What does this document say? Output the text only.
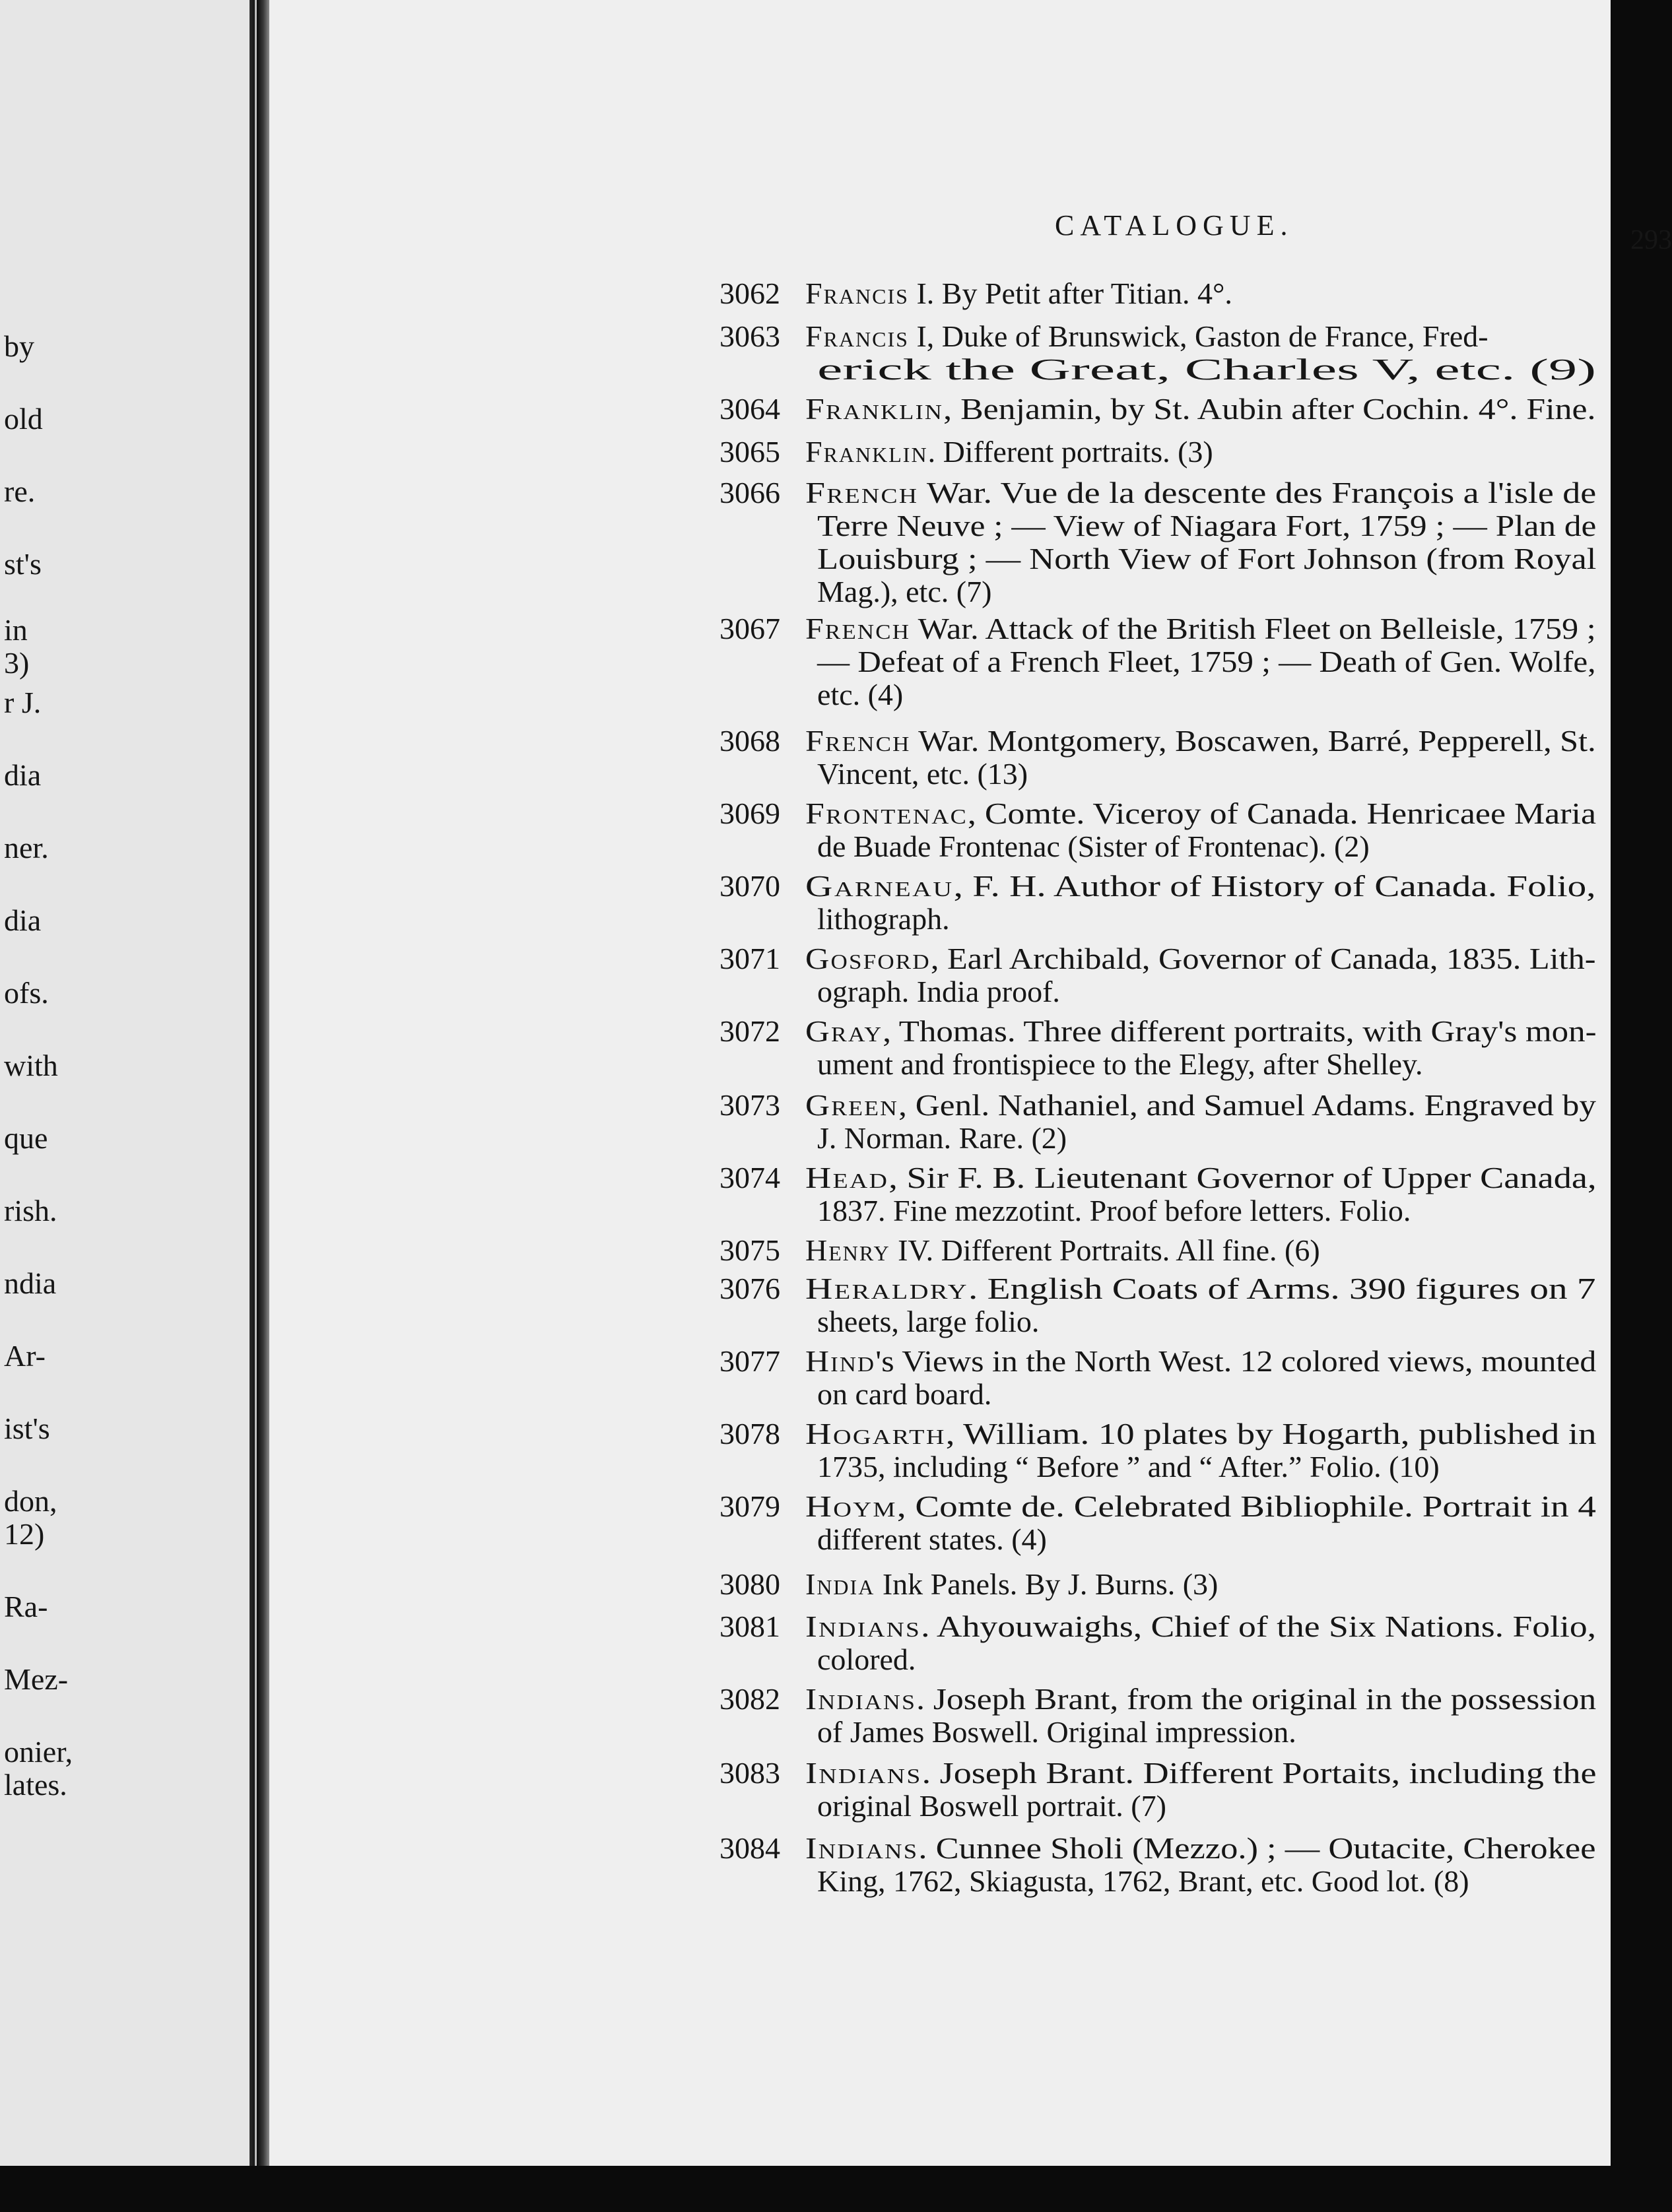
by
old
re.
st's
in
3)
r J.
dia
ner.
dia
ofs.
with
que
rish.
ndia
Ar-
ist's
don,
12)
Ra-
Mez-
onier,
lates.
CATALOGUE.	293
3062 Francis I. By Petit after Titian. 4°.
3063 Francis I, Duke of Brunswick, Gaston de France, Fred-
erick the Great, Charles V, etc. (9)
3064 Franklin, Benjamin, by St. Aubin after Cochin. 4°. Fine.
3065 Franklin. Different portraits. (3)
3066 French War. Vue de la descente des François a l'isle de
Terre Neuve ; — View of Niagara Fort, 1759 ; — Plan de
Louisburg ; — North View of Fort Johnson (from Royal
Mag.), etc. (7)
3067 French War. Attack of the British Fleet on Belleisle, 1759 ;
— Defeat of a French Fleet, 1759 ; — Death of Gen. Wolfe,
etc. (4)
3068 French War. Montgomery, Boscawen, Barré, Pepperell, St.
Vincent, etc. (13)
3069 Frontenac, Comte. Viceroy of Canada. Henricaee Maria
de Buade Frontenac (Sister of Frontenac). (2)
3070 Garneau, F. H. Author of History of Canada. Folio,
lithograph.
3071 Gosford, Earl Archibald, Governor of Canada, 1835. Lith-
ograph. India proof.
3072 Gray, Thomas. Three different portraits, with Gray's mon-
ument and frontispiece to the Elegy, after Shelley.
3073 Green, Genl. Nathaniel, and Samuel Adams. Engraved by
J. Norman. Rare. (2)
3074 Head, Sir F. B. Lieutenant Governor of Upper Canada,
1837. Fine mezzotint. Proof before letters. Folio.
3075 Henry IV. Different Portraits. All fine. (6)
3076 Heraldry. English Coats of Arms. 390 figures on 7
sheets, large folio.
3077 Hind's Views in the North West. 12 colored views, mounted
on card board.
3078 Hogarth, William. 10 plates by Hogarth, published in
1735, including “ Before ” and “ After.” Folio. (10)
3079 Hoym, Comte de. Celebrated Bibliophile. Portrait in 4
different states. (4)
3080 India Ink Panels. By J. Burns. (3)
3081 Indians. Ahyouwaighs, Chief of the Six Nations. Folio,
colored.
3082 Indians. Joseph Brant, from the original in the possession
of James Boswell. Original impression.
3083 Indians. Joseph Brant. Different Portaits, including the
original Boswell portrait. (7)
3084 Indians. Cunnee Sholi (Mezzo.) ; — Outacite, Cherokee
King, 1762, Skiagusta, 1762, Brant, etc. Good lot. (8)
